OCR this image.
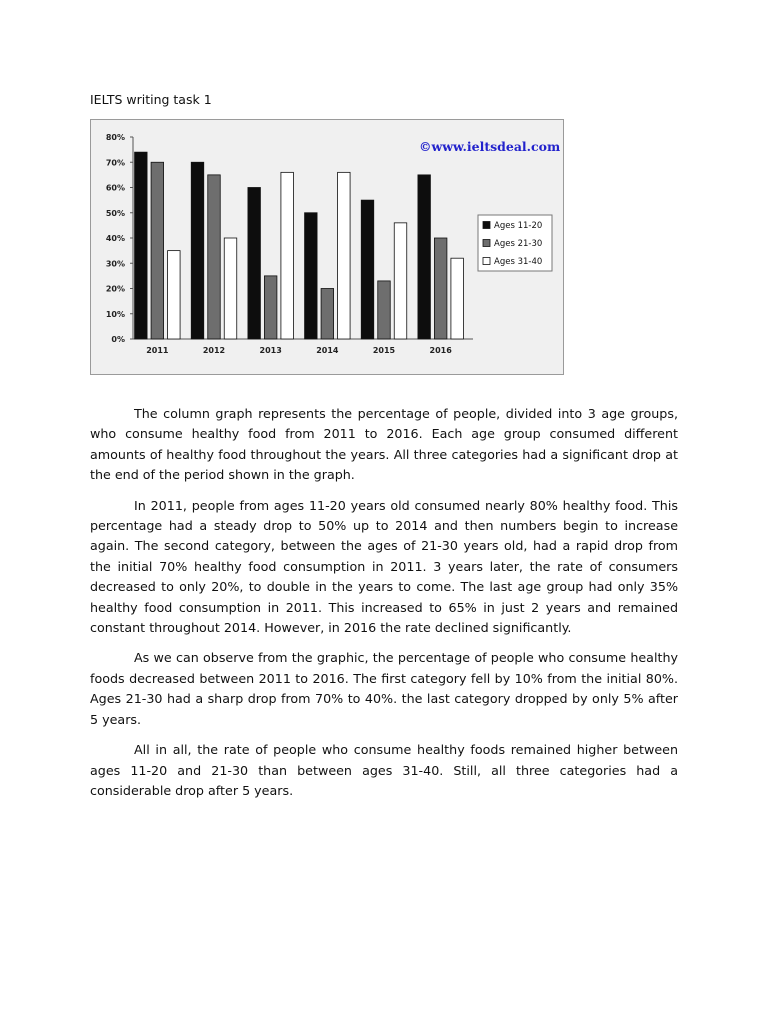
IELTS writing task 1
0%
10%
20%
30%
40%
50%
60%
70%
80%
2011	2012	2013	2014	2015	2016
©www.ieltsdeal.com
Ages 11-20
Ages 21-30
Ages 31-40

The column graph represents the percentage of people, divided into 3 age groups, who consume healthy food from 2011 to 2016. Each age group consumed different amounts of healthy food throughout the years. All three categories had a significant drop at the end of the period shown in the graph.

In 2011, people from ages 11-20 years old consumed nearly 80% healthy food. This percentage had a steady drop to 50% up to 2014 and then numbers begin to increase again. The second category, between the ages of 21-30 years old, had a rapid drop from the initial 70% healthy food consumption in 2011. 3 years later, the rate of consumers decreased to only 20%, to double in the years to come. The last age group had only 35% healthy food consumption in 2011. This increased to 65% in just 2 years and remained constant throughout 2014. However, in 2016 the rate declined significantly.

As we can observe from the graphic, the percentage of people who consume healthy foods decreased between 2011 to 2016. The first category fell by 10% from the initial 80%. Ages 21-30 had a sharp drop from 70% to 40%. the last category dropped by only 5% after 5 years.

All in all, the rate of people who consume healthy foods remained higher between ages 11-20 and 21-30 than between ages 31-40. Still, all three categories had a considerable drop after 5 years.
